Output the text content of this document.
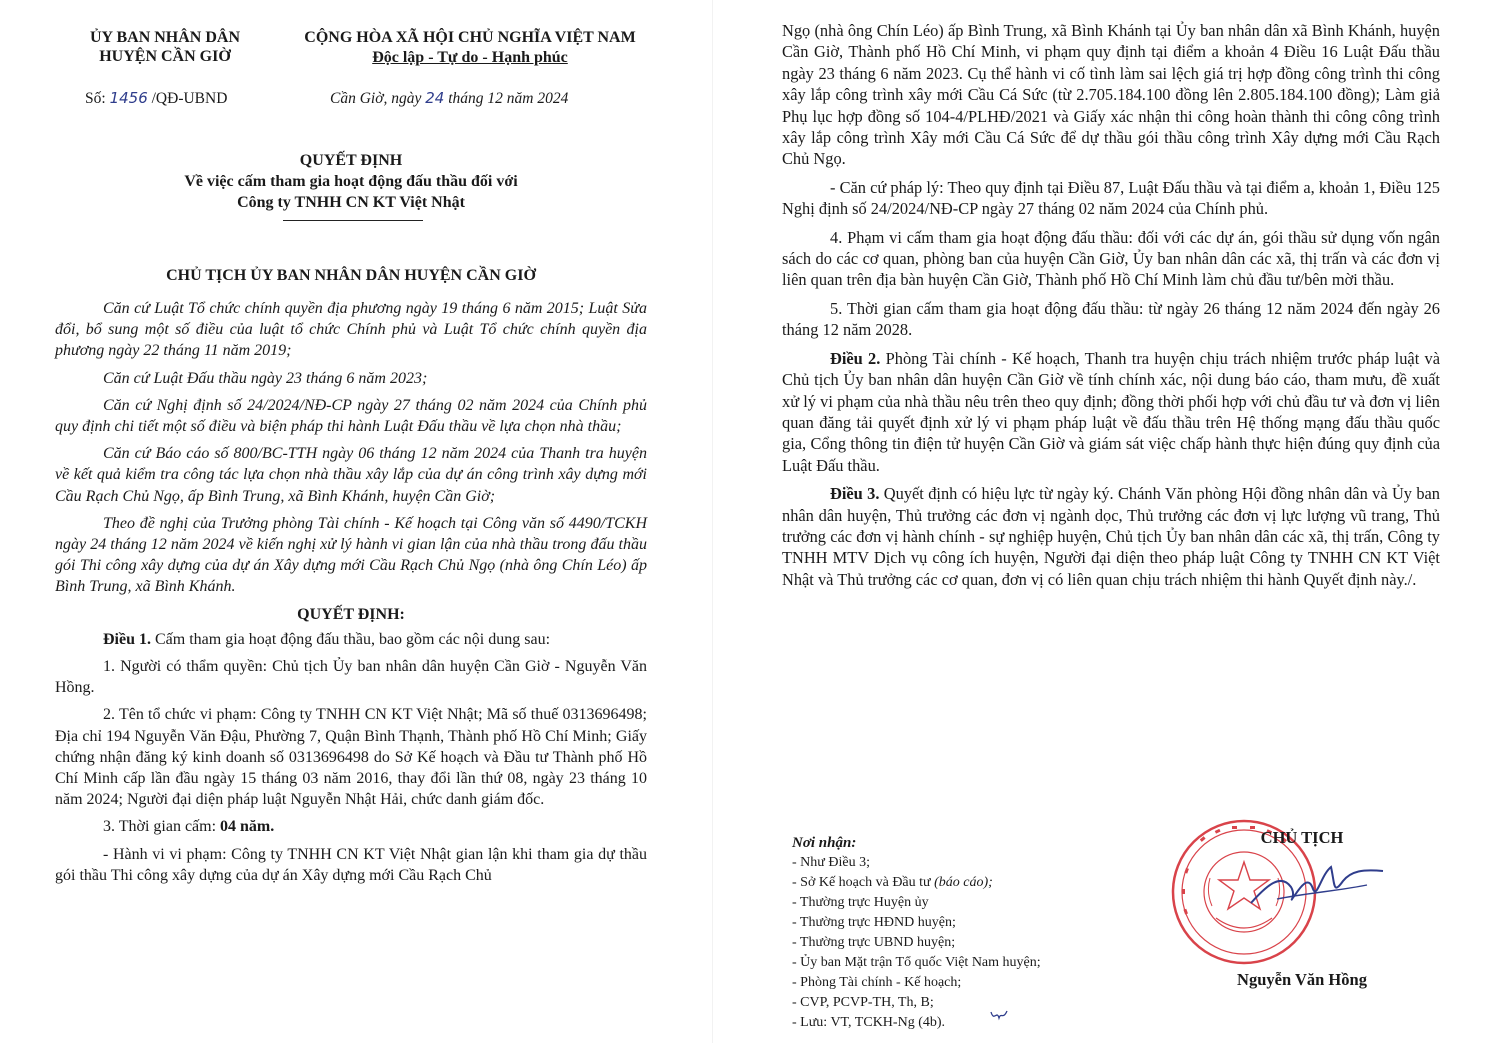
ỦY BAN NHÂN DÂN
HUYỆN CẦN GIỜ
CỘNG HÒA XÃ HỘI CHỦ NGHĨA VIỆT NAM
Độc lập - Tự do - Hạnh phúc
Số: 1456 /QĐ-UBND	Cần Giờ, ngày 24 tháng 12 năm 2024
QUYẾT ĐỊNH
Về việc cấm tham gia hoạt động đấu thầu đối với
Công ty TNHH CN KT Việt Nhật
CHỦ TỊCH ỦY BAN NHÂN DÂN HUYỆN CẦN GIỜ

Căn cứ Luật Tổ chức chính quyền địa phương ngày 19 tháng 6 năm 2015; Luật Sửa đổi, bổ sung một số điều của luật tổ chức Chính phủ và Luật Tổ chức chính quyền địa phương ngày 22 tháng 11 năm 2019;

Căn cứ Luật Đấu thầu ngày 23 tháng 6 năm 2023;

Căn cứ Nghị định số 24/2024/NĐ-CP ngày 27 tháng 02 năm 2024 của Chính phủ quy định chi tiết một số điều và biện pháp thi hành Luật Đấu thầu về lựa chọn nhà thầu;

Căn cứ Báo cáo số 800/BC-TTH ngày 06 tháng 12 năm 2024 của Thanh tra huyện về kết quả kiểm tra công tác lựa chọn nhà thầu xây lắp của dự án công trình xây dựng mới Cầu Rạch Chủ Ngọ, ấp Bình Trung, xã Bình Khánh, huyện Cần Giờ;

Theo đề nghị của Trưởng phòng Tài chính - Kế hoạch tại Công văn số 4490/TCKH ngày 24 tháng 12 năm 2024 về kiến nghị xử lý hành vi gian lận của nhà thầu trong đấu thầu gói Thi công xây dựng của dự án Xây dựng mới Cầu Rạch Chủ Ngọ (nhà ông Chín Léo) ấp Bình Trung, xã Bình Khánh.

QUYẾT ĐỊNH:

Điều 1. Cấm tham gia hoạt động đấu thầu, bao gồm các nội dung sau:

1. Người có thẩm quyền: Chủ tịch Ủy ban nhân dân huyện Cần Giờ - Nguyễn Văn Hồng.

2. Tên tổ chức vi phạm: Công ty TNHH CN KT Việt Nhật; Mã số thuế 0313696498; Địa chỉ 194 Nguyễn Văn Đậu, Phường 7, Quận Bình Thạnh, Thành phố Hồ Chí Minh; Giấy chứng nhận đăng ký kinh doanh số 0313696498 do Sở Kế hoạch và Đầu tư Thành phố Hồ Chí Minh cấp lần đầu ngày 15 tháng 03 năm 2016, thay đổi lần thứ 08, ngày 23 tháng 10 năm 2024; Người đại diện pháp luật Nguyễn Nhật Hải, chức danh giám đốc.

3. Thời gian cấm: 04 năm.

- Hành vi vi phạm: Công ty TNHH CN KT Việt Nhật gian lận khi tham gia dự thầu gói thầu Thi công xây dựng của dự án Xây dựng mới Cầu Rạch Chủ

Ngọ (nhà ông Chín Léo) ấp Bình Trung, xã Bình Khánh tại Ủy ban nhân dân xã Bình Khánh, huyện Cần Giờ, Thành phố Hồ Chí Minh, vi phạm quy định tại điểm a khoản 4 Điều 16 Luật Đấu thầu ngày 23 tháng 6 năm 2023. Cụ thể hành vi cố tình làm sai lệch giá trị hợp đồng công trình thi công xây lắp công trình xây mới Cầu Cá Sức (từ 2.705.184.100 đồng lên 2.805.184.100 đồng); Làm giả Phụ lục hợp đồng số 104-4/PLHĐ/2021 và Giấy xác nhận thi công hoàn thành thi công công trình xây lắp công trình Xây mới Cầu Cá Sức để dự thầu gói thầu công trình Xây dựng mới Cầu Rạch Chủ Ngọ.

- Căn cứ pháp lý: Theo quy định tại Điều 87, Luật Đấu thầu và tại điểm a, khoản 1, Điều 125 Nghị định số 24/2024/NĐ-CP ngày 27 tháng 02 năm 2024 của Chính phủ.

4. Phạm vi cấm tham gia hoạt động đấu thầu: đối với các dự án, gói thầu sử dụng vốn ngân sách do các cơ quan, phòng ban của huyện Cần Giờ, Ủy ban nhân dân các xã, thị trấn và các đơn vị liên quan trên địa bàn huyện Cần Giờ, Thành phố Hồ Chí Minh làm chủ đầu tư/bên mời thầu.

5. Thời gian cấm tham gia hoạt động đấu thầu: từ ngày 26 tháng 12 năm 2024 đến ngày 26 tháng 12 năm 2028.

Điều 2. Phòng Tài chính - Kế hoạch, Thanh tra huyện chịu trách nhiệm trước pháp luật và Chủ tịch Ủy ban nhân dân huyện Cần Giờ về tính chính xác, nội dung báo cáo, tham mưu, đề xuất xử lý vi phạm của nhà thầu nêu trên theo quy định; đồng thời phối hợp với chủ đầu tư và đơn vị liên quan đăng tải quyết định xử lý vi phạm pháp luật về đấu thầu trên Hệ thống mạng đấu thầu quốc gia, Cổng thông tin điện tử huyện Cần Giờ và giám sát việc chấp hành thực hiện đúng quy định của Luật Đấu thầu.

Điều 3. Quyết định có hiệu lực từ ngày ký. Chánh Văn phòng Hội đồng nhân dân và Ủy ban nhân dân huyện, Thủ trưởng các đơn vị ngành dọc, Thủ trưởng các đơn vị lực lượng vũ trang, Thủ trưởng các đơn vị hành chính - sự nghiệp huyện, Chủ tịch Ủy ban nhân dân các xã, thị trấn, Công ty TNHH MTV Dịch vụ công ích huyện, Người đại diện theo pháp luật Công ty TNHH CN KT Việt Nhật và Thủ trưởng các cơ quan, đơn vị có liên quan chịu trách nhiệm thi hành Quyết định này./.

Nơi nhận:
- Như Điều 3;
- Sở Kế hoạch và Đầu tư (báo cáo);
- Thường trực Huyện ủy
- Thường trực HĐND huyện;
- Thường trực UBND huyện;
- Ủy ban Mặt trận Tổ quốc Việt Nam huyện;
- Phòng Tài chính - Kế hoạch;
- CVP, PCVP-TH, Th, B;
- Lưu: VT, TCKH-Ng (4b).
CHỦ TỊCH
Nguyễn Văn Hồng
